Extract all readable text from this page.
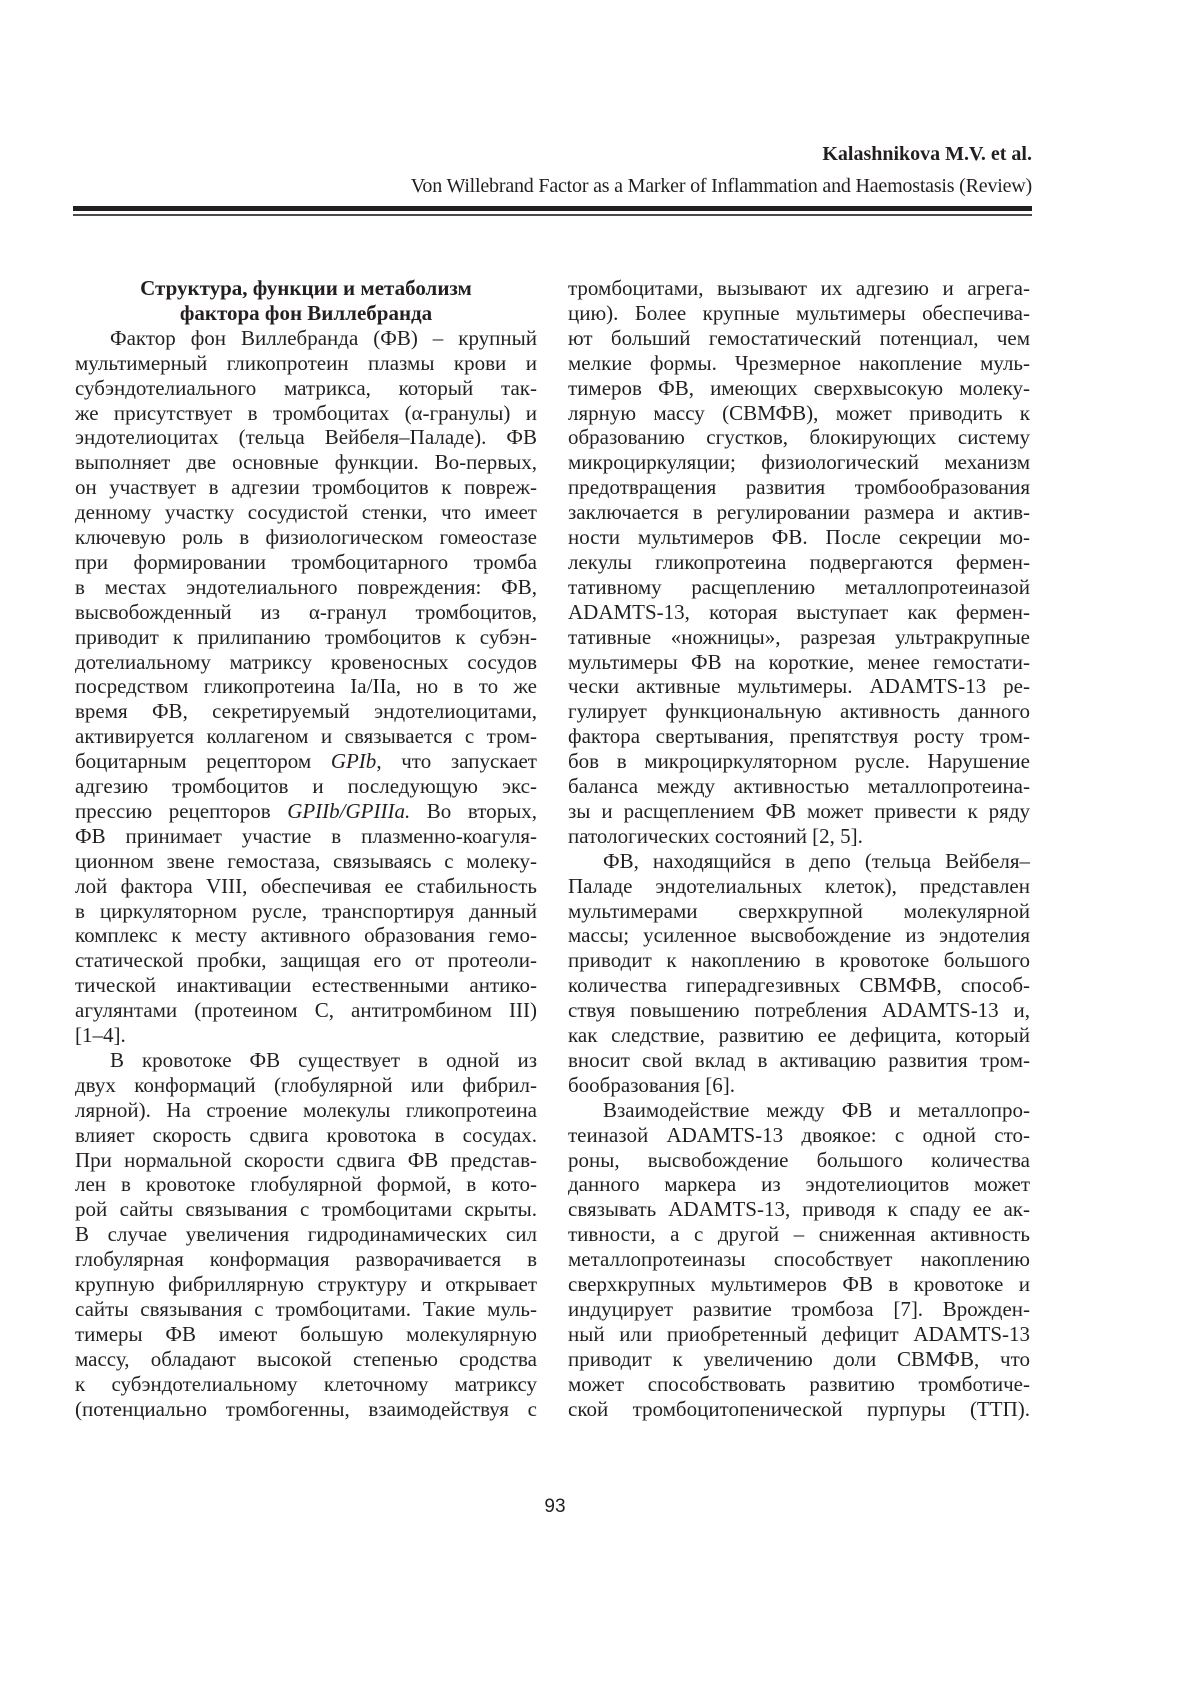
Kalashnikova M.V. et al.
Von Willebrand Factor as a Marker of Inflammation and Haemostasis (Review)
Структура, функции и метаболизм
фактора фон Виллебранда
Фактор фон Виллебранда (ФВ) – крупный
мультимерный гликопротеин плазмы крови и
субэндотелиального матрикса, который так-
же присутствует в тромбоцитах (α-гранулы) и
эндотелиоцитах (тельца Вейбеля–Паладе). ФВ
выполняет две основные функции. Во-первых,
он участвует в адгезии тромбоцитов к повреж-
денному участку сосудистой стенки, что имеет
ключевую роль в физиологическом гомеостазе
при формировании тромбоцитарного тромба
в местах эндотелиального повреждения: ФВ,
высвобожденный из α-гранул тромбоцитов,
приводит к прилипанию тромбоцитов к субэн-
дотелиальному матриксу кровеносных сосудов
посредством гликопротеина Ia/IIa, но в то же
время ФВ, секретируемый эндотелиоцитами,
активируется коллагеном и связывается с тром-
боцитарным рецептором GPIb, что запускает
адгезию тромбоцитов и последующую экс-
прессию рецепторов GPIIb/GPIIIa. Во вторых,
ФВ принимает участие в плазменно-коагуля-
ционном звене гемостаза, связываясь с молеку-
лой фактора VIII, обеспечивая ее стабильность
в циркуляторном русле, транспортируя данный
комплекс к месту активного образования гемо-
статической пробки, защищая его от протеоли-
тической инактивации естественными антико-
агулянтами (протеином С, антитромбином III)
[1–4].
В кровотоке ФВ существует в одной из
двух конформаций (глобулярной или фибрил-
лярной). На строение молекулы гликопротеина
влияет скорость сдвига кровотока в сосудах.
При нормальной скорости сдвига ФВ представ-
лен в кровотоке глобулярной формой, в кото-
рой сайты связывания с тромбоцитами скрыты.
В случае увеличения гидродинамических сил
глобулярная конформация разворачивается в
крупную фибриллярную структуру и открывает
сайты связывания с тромбоцитами. Такие муль-
тимеры ФВ имеют большую молекулярную
массу, обладают высокой степенью сродства
к субэндотелиальному клеточному матриксу
(потенциально тромбогенны, взаимодействуя с
тромбоцитами, вызывают их адгезию и агрега-
цию). Более крупные мультимеры обеспечива-
ют больший гемостатический потенциал, чем
мелкие формы. Чрезмерное накопление муль-
тимеров ФВ, имеющих сверхвысокую молеку-
лярную массу (СВМФВ), может приводить к
образованию сгустков, блокирующих систему
микроциркуляции; физиологический механизм
предотвращения развития тромбообразования
заключается в регулировании размера и актив-
ности мультимеров ФВ. После секреции мо-
лекулы гликопротеина подвергаются фермен-
тативному расщеплению металлопротеиназой
ADAMTS-13, которая выступает как фермен-
тативные «ножницы», разрезая ультракрупные
мультимеры ФВ на короткие, менее гемостати-
чески активные мультимеры. ADAMTS-13 ре-
гулирует функциональную активность данного
фактора свертывания, препятствуя росту тром-
бов в микроциркуляторном русле. Нарушение
баланса между активностью металлопротеина-
зы и расщеплением ФВ может привести к ряду
патологических состояний [2, 5].
ФВ, находящийся в депо (тельца Вейбеля–
Паладе эндотелиальных клеток), представлен
мультимерами сверхкрупной молекулярной
массы; усиленное высвобождение из эндотелия
приводит к накоплению в кровотоке большого
количества гиперадгезивных СВМФВ, способ-
ствуя повышению потребления ADAMTS-13 и,
как следствие, развитию ее дефицита, который
вносит свой вклад в активацию развития тром-
бообразования [6].
Взаимодействие между ФВ и металлопро-
теиназой ADAMTS-13 двоякое: с одной сто-
роны, высвобождение большого количества
данного маркера из эндотелиоцитов может
связывать ADAMTS-13, приводя к спаду ее ак-
тивности, а с другой – сниженная активность
металлопротеиназы способствует накоплению
сверхкрупных мультимеров ФВ в кровотоке и
индуцирует развитие тромбоза [7]. Врожден-
ный или приобретенный дефицит ADAMTS-13
приводит к увеличению доли СВМФВ, что
может способствовать развитию тромботиче-
ской тромбоцитопенической пурпуры (ТТП).
93
